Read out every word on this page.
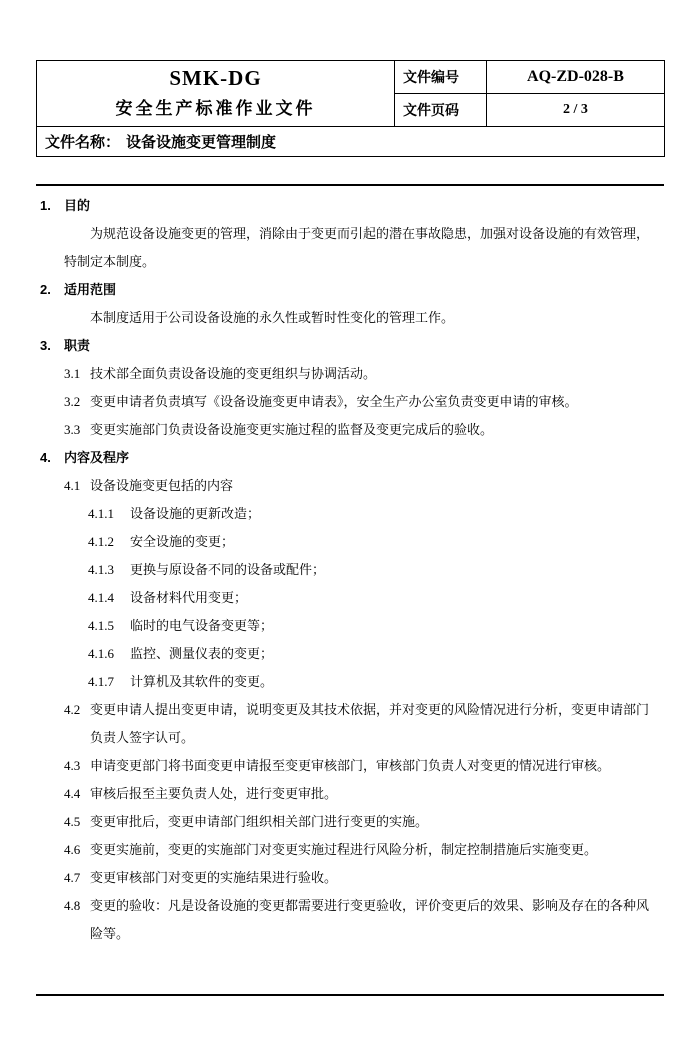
SMK-DG
安全生产标准作业文件	文件编号	AQ-ZD-028-B
	文件页码	2 / 3
文件名称： 设备设施变更管理制度		
1.	目的

为规范设备设施变更的管理，消除由于变更而引起的潜在事故隐患，加强对设备设施的有效管理，特制定本制度。

2.	适用范围

本制度适用于公司设备设施的永久性或暂时性变化的管理工作。

3.	职责
3.1 技术部全面负责设备设施的变更组织与协调活动。
3.2 变更申请者负责填写《设备设施变更申请表》，安全生产办公室负责变更申请的审核。
3.3 变更实施部门负责设备设施变更实施过程的监督及变更完成后的验收。
4.	内容及程序
4.1 设备设施变更包括的内容
4.1.1	设备设施的更新改造；
4.1.2	安全设施的变更；
4.1.3	更换与原设备不同的设备或配件；
4.1.4	设备材料代用变更；
4.1.5	临时的电气设备变更等；
4.1.6	监控、测量仪表的变更；
4.1.7	计算机及其软件的变更。
4.2 变更申请人提出变更申请，说明变更及其技术依据，并对变更的风险情况进行分析，变更申请部门负责人签字认可。
4.3 申请变更部门将书面变更申请报至变更审核部门，审核部门负责人对变更的情况进行审核。
4.4 审核后报至主要负责人处，进行变更审批。
4.5 变更审批后，变更申请部门组织相关部门进行变更的实施。
4.6 变更实施前，变更的实施部门对变更实施过程进行风险分析，制定控制措施后实施变更。
4.7 变更审核部门对变更的实施结果进行验收。
4.8 变更的验收：凡是设备设施的变更都需要进行变更验收，评价变更后的效果、影响及存在的各种风险等。
